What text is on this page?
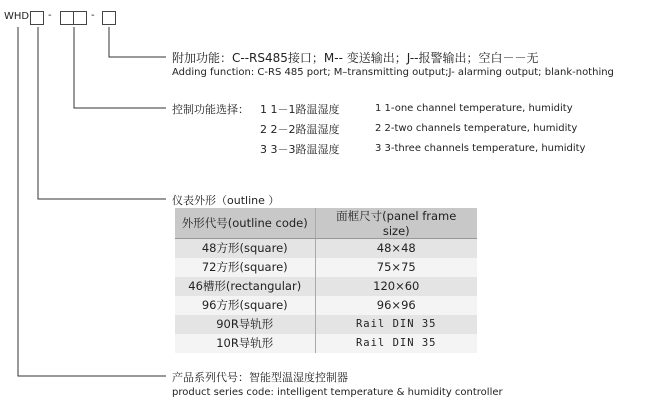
WHD -	-
附加功能：C--RS485接口；M-- 变送输出；J--报警输出；空白－－无
Adding function: C-RS 485 port; M–transmitting output;J- alarming output; blank-nothing
控制功能选择： 1 1－1路温湿度	1 1-one channel temperature, humidity
2 2－2路温湿度	2 2-two channels temperature, humidity
3 3－3路温湿度	3 3-three channels temperature, humidity
仪表外形（outline ）
外形代号(outline code)	面框尺寸(panel frame size)
48方形(square)	48×48
72方形(square)	75×75
46槽形(rectangular)	120×60
96方形(square)	96×96
90R导轨形	Rail DIN 35
10R导轨形	Rail DIN 35
产品系列代号：智能型温湿度控制器
product series code: intelligent temperature & humidity controller
